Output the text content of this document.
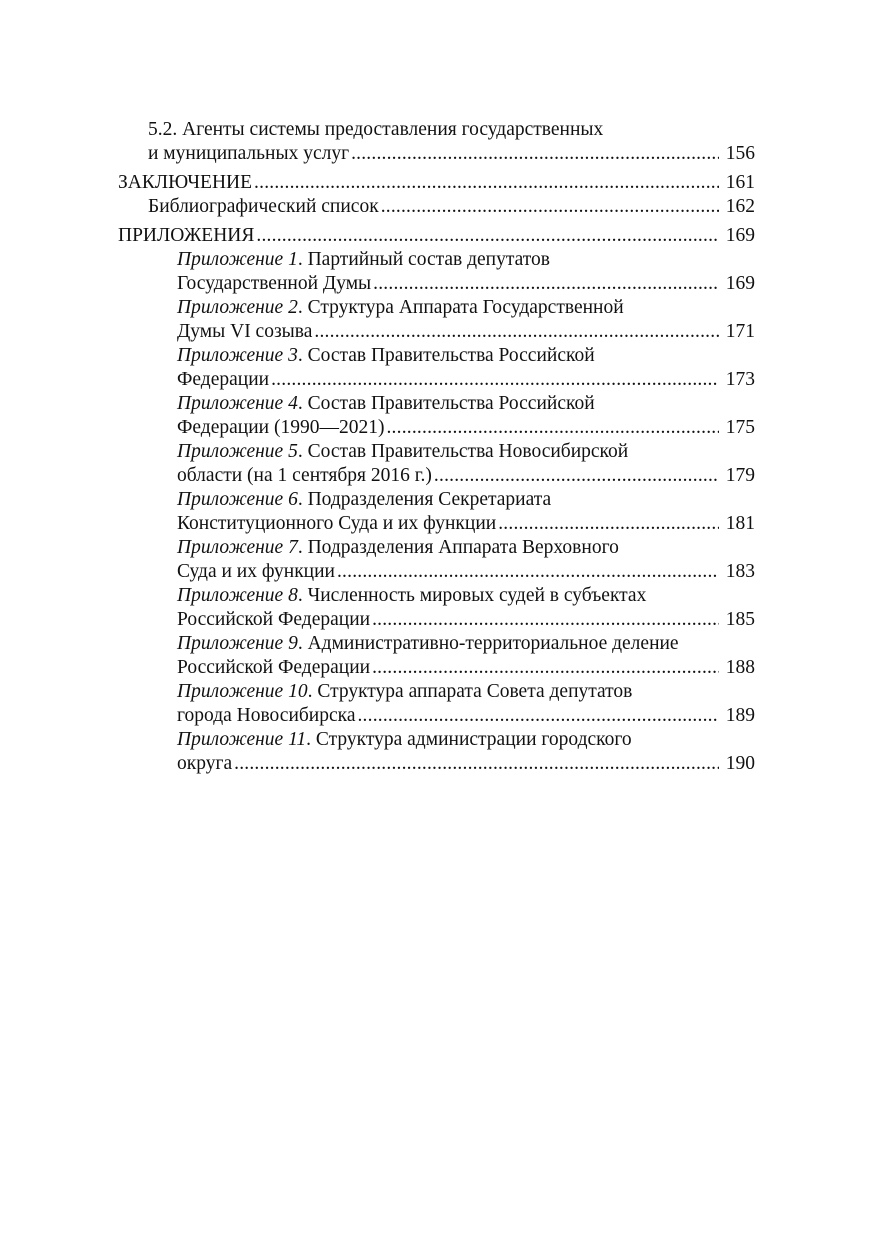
5.2. Агенты системы предоставления государственных
и муниципальных услуг .....	156
ЗАКЛЮЧЕНИЕ .....	161
Библиографический список .....	162
ПРИЛОЖЕНИЯ .....	169
Приложение 1. Партийный состав депутатов
Государственной Думы .....	169
Приложение 2. Структура Аппарата Государственной
Думы VI созыва .....	171
Приложение 3. Состав Правительства Российской
Федерации .....	173
Приложение 4. Состав Правительства Российской
Федерации (1990—2021) .....	175
Приложение 5. Состав Правительства Новосибирской
области (на 1 сентября 2016 г.) .....	179
Приложение 6. Подразделения Секретариата
Конституционного Суда и их функции .....	181
Приложение 7. Подразделения Аппарата Верховного
Суда и их функции .....	183
Приложение 8. Численность мировых судей в субъектах
Российской Федерации .....	185
Приложение 9. Административно-территориальное деление
Российской Федерации .....	188
Приложение 10. Структура аппарата Совета депутатов
города Новосибирска .....	189
Приложение 11. Структура администрации городского
округа .....	190
